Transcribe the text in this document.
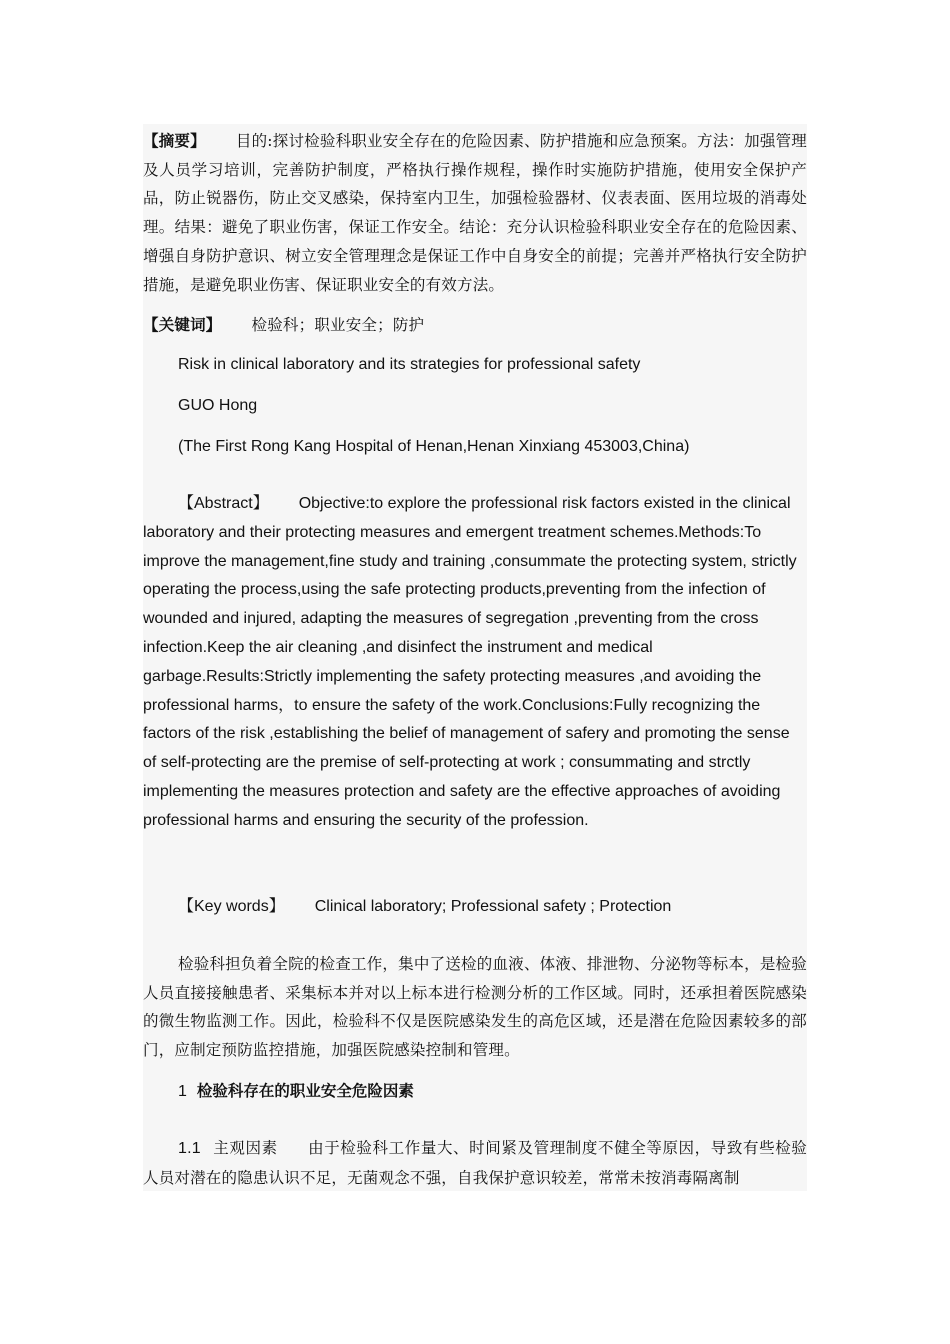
【摘要】 目的:探讨检验科职业安全存在的危险因素、防护措施和应急预案。方法：加强管理及人员学习培训，完善防护制度，严格执行操作规程，操作时实施防护措施，使用安全保护产品，防止锐器伤，防止交叉感染，保持室内卫生，加强检验器材、仪表表面、医用垃圾的消毒处理。结果：避免了职业伤害，保证工作安全。结论：充分认识检验科职业安全存在的危险因素、增强自身防护意识、树立安全管理理念是保证工作中自身安全的前提；完善并严格执行安全防护措施，是避免职业伤害、保证职业安全的有效方法。
【关键词】 检验科；职业安全；防护
Risk in clinical laboratory and its strategies for professional safety
GUO Hong
(The First Rong Kang Hospital of Henan,Henan Xinxiang 453003,China)
【Abstract】 Objective:to explore the professional risk factors existed in the clinical laboratory and their protecting measures and emergent treatment schemes.Methods:To improve the management,fine study and training ,consummate the protecting system, strictly operating the process,using the safe protecting products,preventing from the infection of wounded and injured, adapting the measures of segregation ,preventing from the cross infection.Keep the air cleaning ,and disinfect the instrument and medical garbage.Results:Strictly implementing the safety protecting measures ,and avoiding the professional harms，to ensure the safety of the work.Conclusions:Fully recognizing the factors of the risk ,establishing the belief of management of safery and promoting the sense of self-protecting are the premise of self-protecting at work ; consummating and strctly implementing the measures protection and safety are the effective approaches of avoiding professional harms and ensuring the security of the profession.
【Key words】 Clinical laboratory; Professional safety ; Protection
检验科担负着全院的检查工作，集中了送检的血液、体液、排泄物、分泌物等标本，是检验人员直接接触患者、采集标本并对以上标本进行检测分析的工作区域。同时，还承担着医院感染的微生物监测工作。因此，检验科不仅是医院感染发生的高危区域，还是潜在危险因素较多的部门，应制定预防监控措施，加强医院感染控制和管理。
1 检验科存在的职业安全危险因素
1.1 主观因素 由于检验科工作量大、时间紧及管理制度不健全等原因，导致有些检验人员对潜在的隐患认识不足，无菌观念不强，自我保护意识较差，常常未按消毒隔离制
